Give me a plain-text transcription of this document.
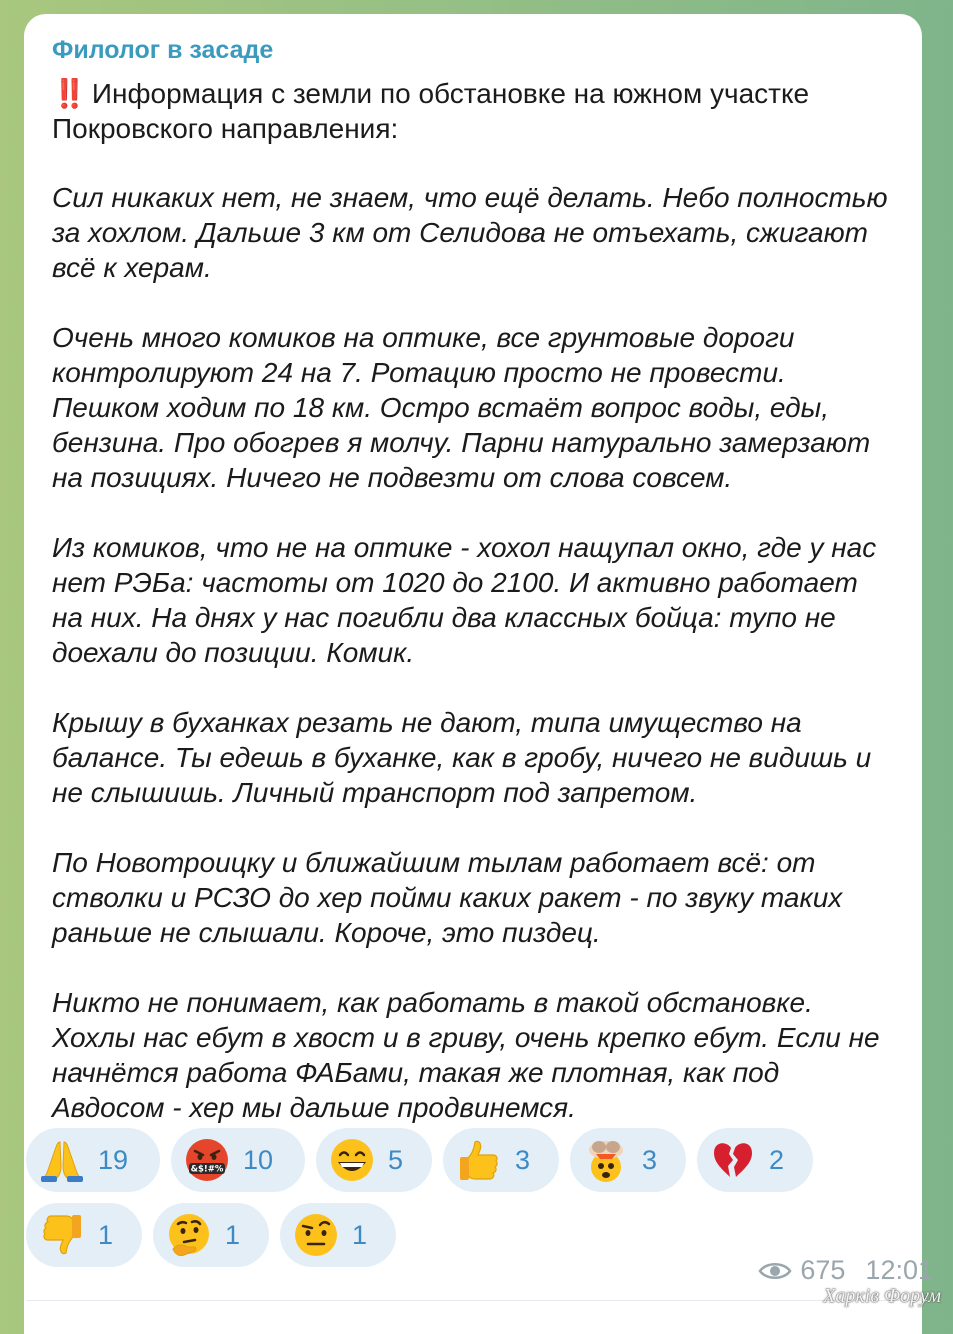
Филолог в засаде
‼️ Информация с земли по обстановке на южном участке Покровского направления:

Сил никаких нет, не знаем, что ещё делать. Небо полностью за хохлом. Дальше 3 км от Селидова не отъехать, сжигают всё к херам.

Очень много комиков на оптике, все грунтовые дороги контролируют 24 на 7. Ротацию просто не провести. Пешком ходим по 18 км. Остро встаёт вопрос воды, еды, бензина. Про обогрев я молчу. Парни натурально замерзают на позициях. Ничего не подвезти от слова совсем.

Из комиков, что не на оптике - хохол нащупал окно, где у нас нет РЭБа: частоты от 1020 до 2100. И активно работает на них. На днях у нас погибли два классных бойца: тупо не доехали до позиции. Комик.

Крышу в буханках резать не дают, типа имущество на балансе. Ты едешь в буханке, как в гробу, ничего не видишь и не слышишь. Личный транспорт под запретом.

По Новотроицку и ближайшим тылам работает всё: от стволки и РСЗО до хер пойми каких ракет - по звуку таких раньше не слышали. Короче, это пиздец.

Никто не понимает, как работать в такой обстановке. Хохлы нас ебут в хвост и в гриву, очень крепко ебут. Если не начнётся работа ФАБами, такая же плотная, как под Авдосом - хер мы дальше продвинемся.

19	&$!#% 10	5	3	3	2
1	1	1
675 12:01
Харків Форум
